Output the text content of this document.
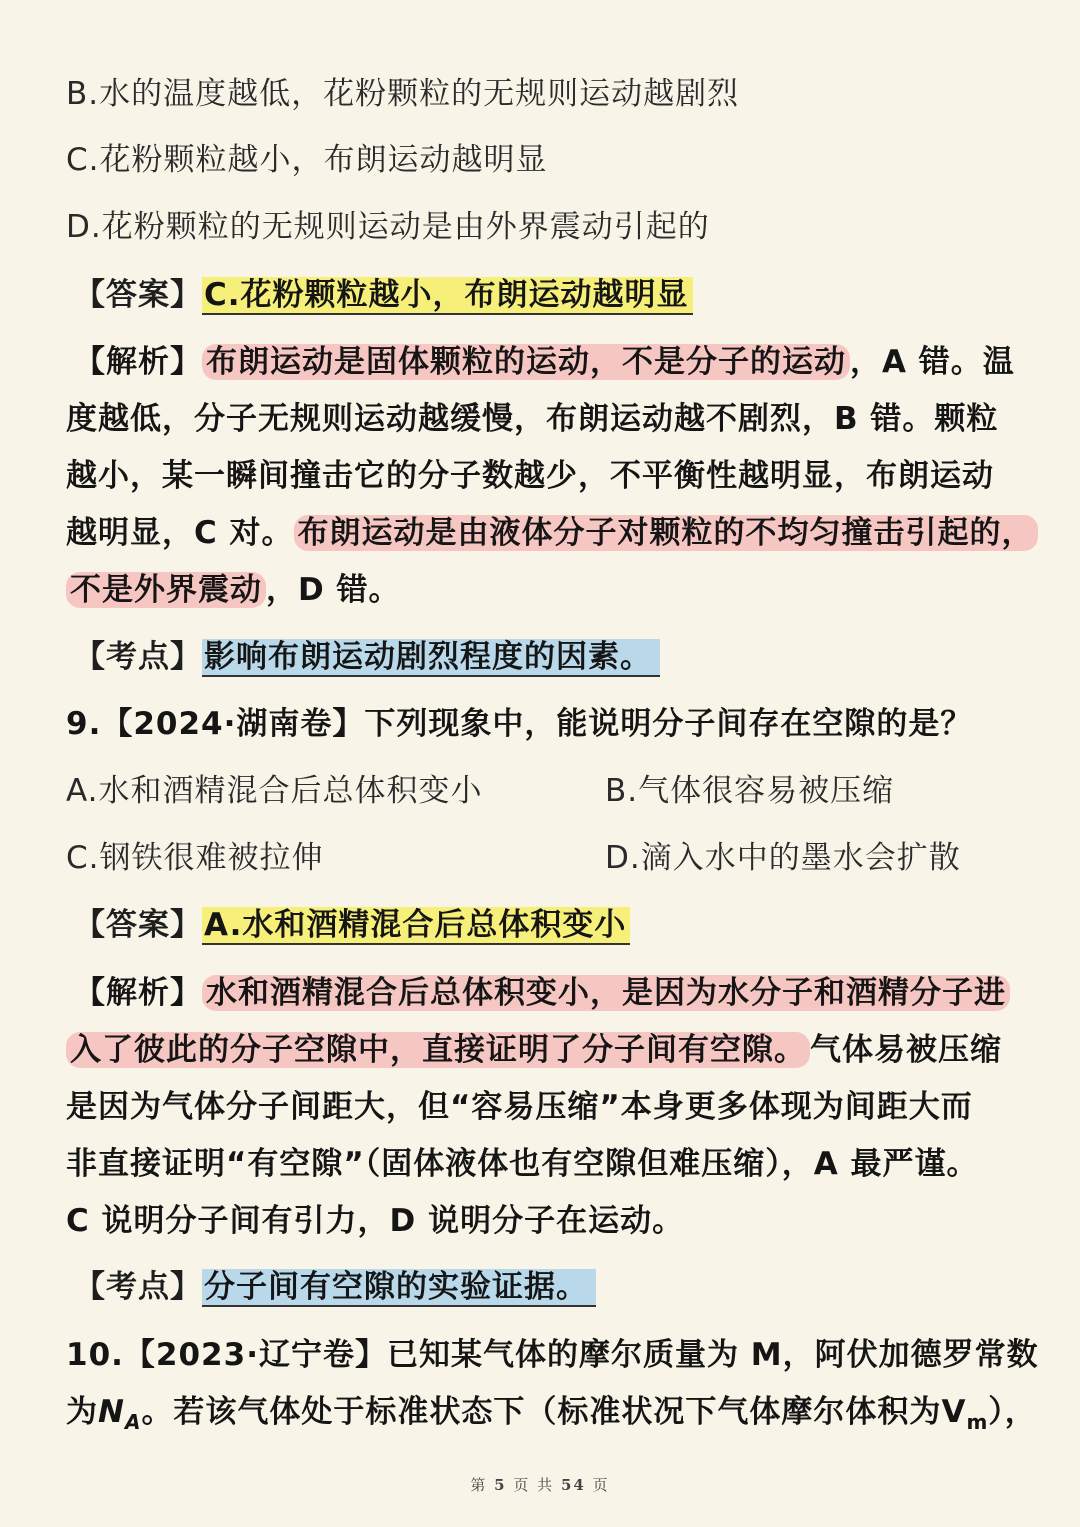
B.水的温度越低，花粉颗粒的无规则运动越剧烈
C.花粉颗粒越小，布朗运动越明显
D.花粉颗粒的无规则运动是由外界震动引起的
【答案】C.花粉颗粒越小，布朗运动越明显
【解析】 布朗运动是固体颗粒的运动，不是分子的运动 ，A 错。温
度越低，分子无规则运动越缓慢，布朗运动越不剧烈，B 错。颗粒
越小，某一瞬间撞击它的分子数越少，不平衡性越明显，布朗运动
越明显，C 对。 布朗运动是由液体分子对颗粒的不均匀撞击引起的，
不是外界震动 ，D 错。
【考点】影响布朗运动剧烈程度的因素。
9.【2024·湖南卷】下列现象中，能说明分子间存在空隙的是？
A.水和酒精混合后总体积变小	B.气体很容易被压缩
C.钢铁很难被拉伸	D.滴入水中的墨水会扩散
【答案】A.水和酒精混合后总体积变小
【解析】 水和酒精混合后总体积变小，是因为水分子和酒精分子进
入了彼此的分子空隙中，直接证明了分子间有空隙。 气体易被压缩
是因为气体分子间距大，但“容易压缩”本身更多体现为间距大而
非直接证明“有空隙”（固体液体也有空隙但难压缩），A 最严谨。
C 说明分子间有引力，D 说明分子在运动。
【考点】分子间有空隙的实验证据。
10.【2023·辽宁卷】已知某气体的摩尔质量为 M，阿伏加德罗常数
为$N_A$。若该气体处于标准状态下（标准状况下气体摩尔体积为$V_m$），
第 5 页 共 54 页
